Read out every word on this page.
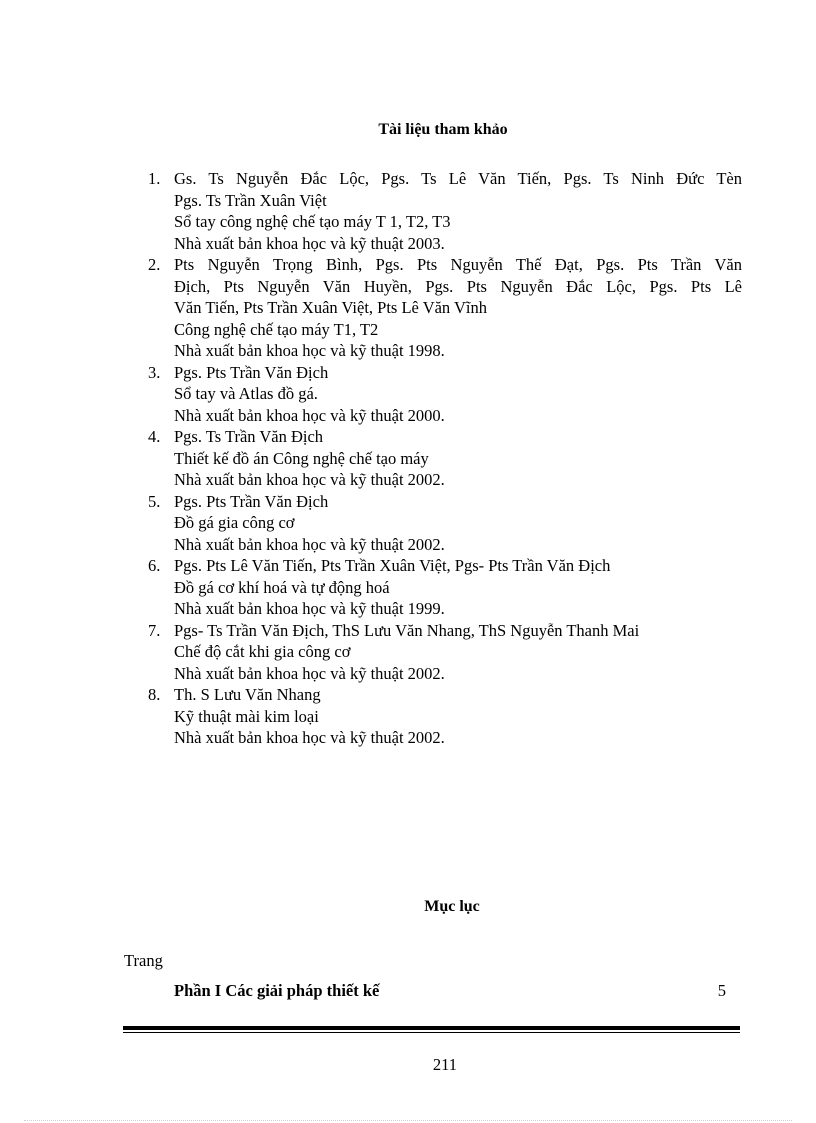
Tài liệu tham khảo
1. Gs. Ts Nguyễn Đắc Lộc, Pgs. Ts Lê Văn Tiến, Pgs. Ts Ninh Đức Tèn
Pgs. Ts Trần Xuân Việt
Sổ tay công nghệ chế tạo máy T 1, T2, T3
Nhà xuất bản khoa học và kỹ thuật 2003.
2. Pts Nguyễn Trọng Bình, Pgs. Pts Nguyễn Thế Đạt, Pgs. Pts Trần Văn
Địch, Pts Nguyễn Văn Huyền, Pgs. Pts Nguyễn Đắc Lộc, Pgs. Pts Lê
Văn Tiến, Pts Trần Xuân Việt, Pts Lê Văn Vĩnh
Công nghệ chế tạo máy T1, T2
Nhà xuất bản khoa học và kỹ thuật 1998.
3. Pgs. Pts Trần Văn Địch
Sổ tay và Atlas đồ gá.
Nhà xuất bản khoa học và kỹ thuật 2000.
4. Pgs. Ts Trần Văn Địch
Thiết kế đồ án Công nghệ chế tạo máy
Nhà xuất bản khoa học và kỹ thuật 2002.
5. Pgs. Pts Trần Văn Địch
Đồ gá gia công cơ
Nhà xuất bản khoa học và kỹ thuật 2002.
6. Pgs. Pts Lê Văn Tiến, Pts Trần Xuân Việt, Pgs- Pts Trần Văn Địch
Đồ gá cơ khí hoá và tự động hoá
Nhà xuất bản khoa học và kỹ thuật 1999.
7. Pgs- Ts Trần Văn Địch, ThS Lưu Văn Nhang, ThS Nguyễn Thanh Mai
Chế độ cắt khi gia công cơ
Nhà xuất bản khoa học và kỹ thuật 2002.
8. Th. S Lưu Văn Nhang
Kỹ thuật mài kim loại
Nhà xuất bản khoa học và kỹ thuật 2002.
Mục lục
Trang
Phần I Các giải pháp thiết kế	5
211
